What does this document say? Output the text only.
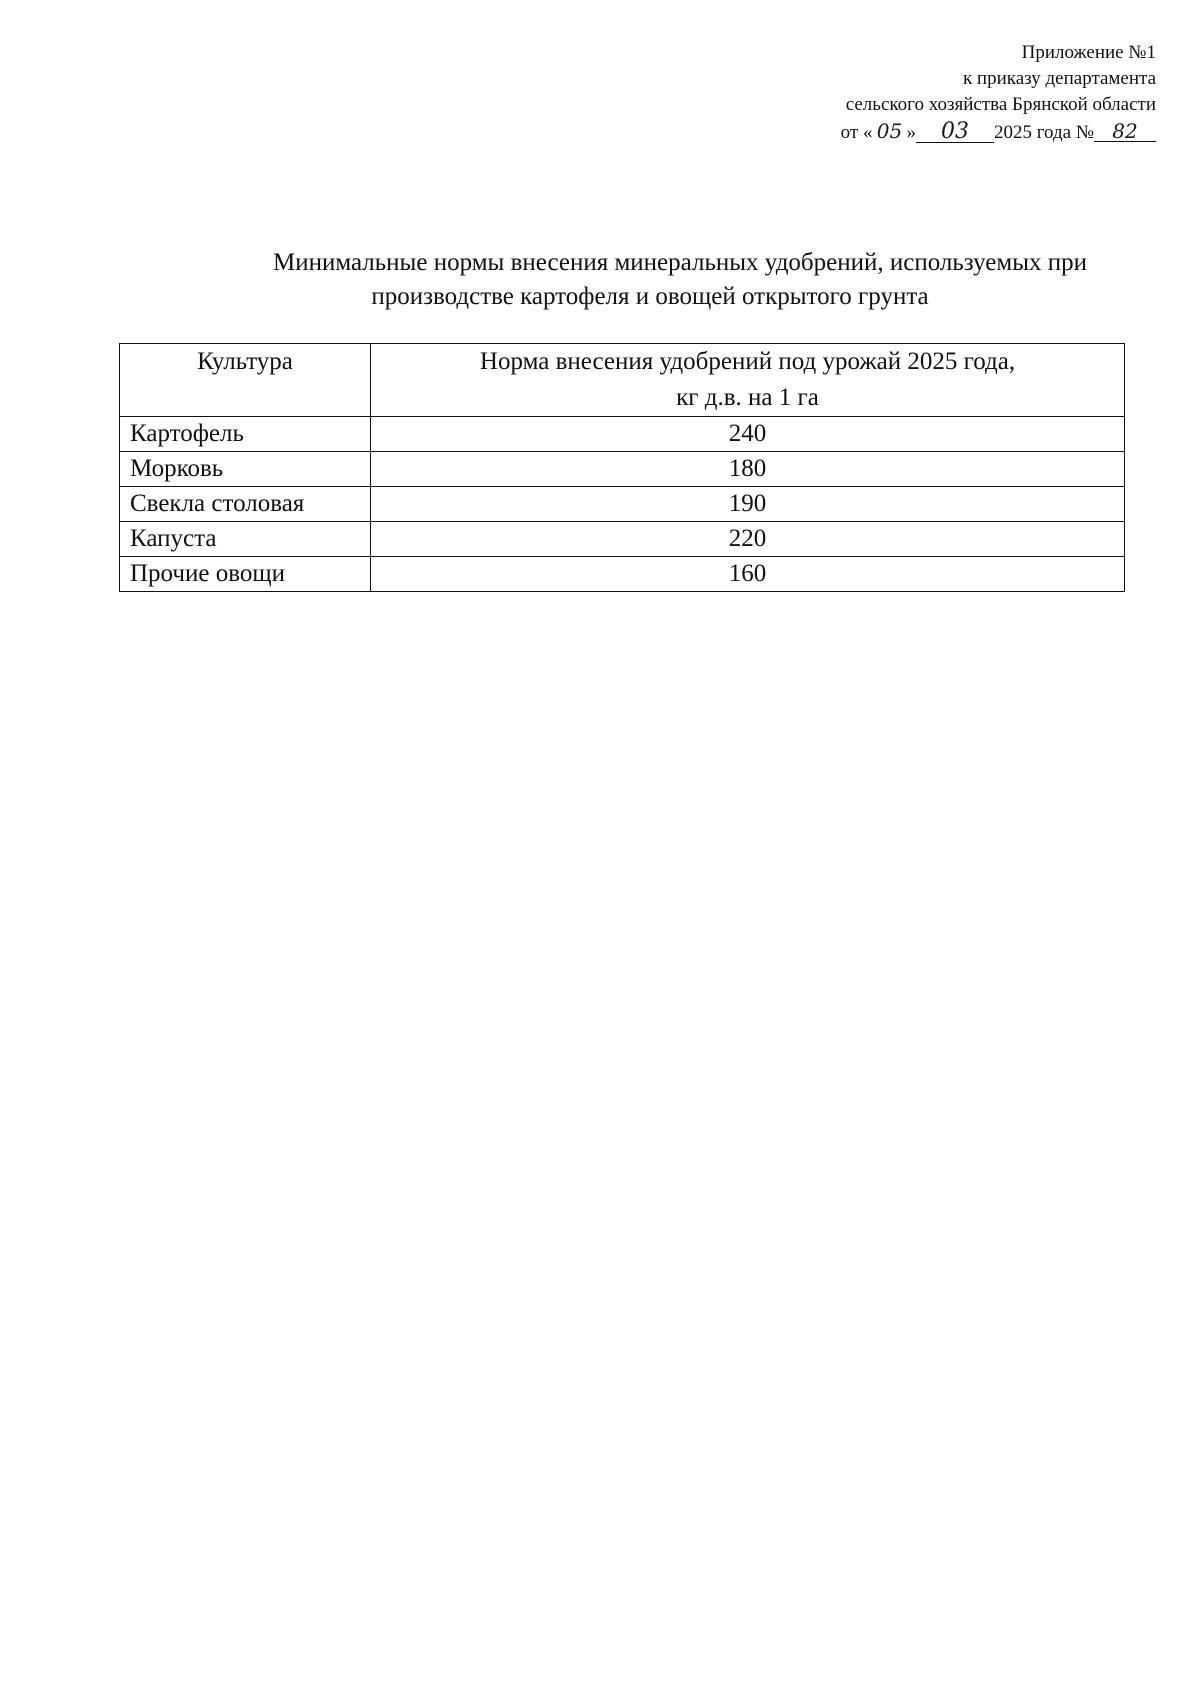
Приложение №1
к приказу департамента
сельского хозяйства Брянской области
от « 05 » 03 2025 года № 82
Минимальные нормы внесения минеральных удобрений, используемых при
производстве картофеля и овощей открытого грунта
Культура	Норма внесения удобрений под урожай 2025 года,
кг д.в. на 1 га
Картофель	240
Морковь	180
Свекла столовая	190
Капуста	220
Прочие овощи	160
